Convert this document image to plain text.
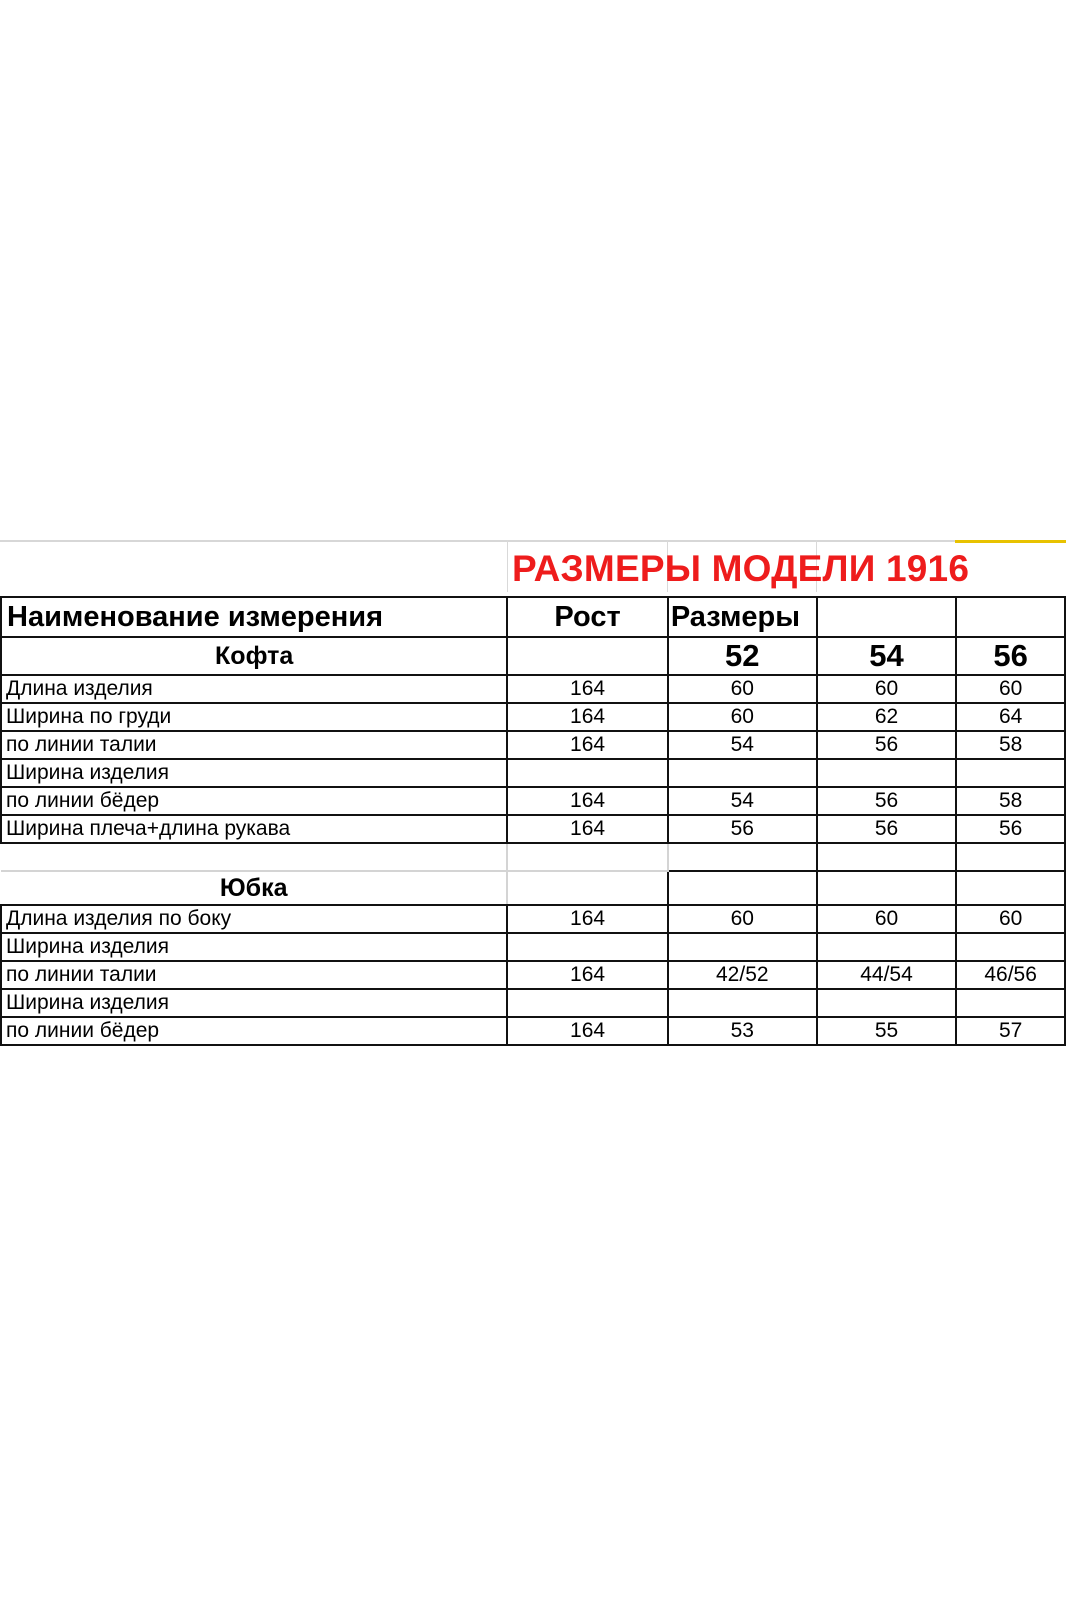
РАЗМЕРЫ МОДЕЛИ 1916
Наименование измерения	Рост	Размеры		
Кофта		52	54	56
Длина изделия	164	60	60	60
Ширина по груди	164	60	62	64
по линии талии	164	54	56	58
Ширина изделия				
по линии бёдер	164	54	56	58
Ширина плеча+длина рукава	164	56	56	56

Юбка				
Длина изделия по боку	164	60	60	60
Ширина изделия				
по линии талии	164	42/52	44/54	46/56
Ширина изделия				
по линии бёдер	164	53	55	57
